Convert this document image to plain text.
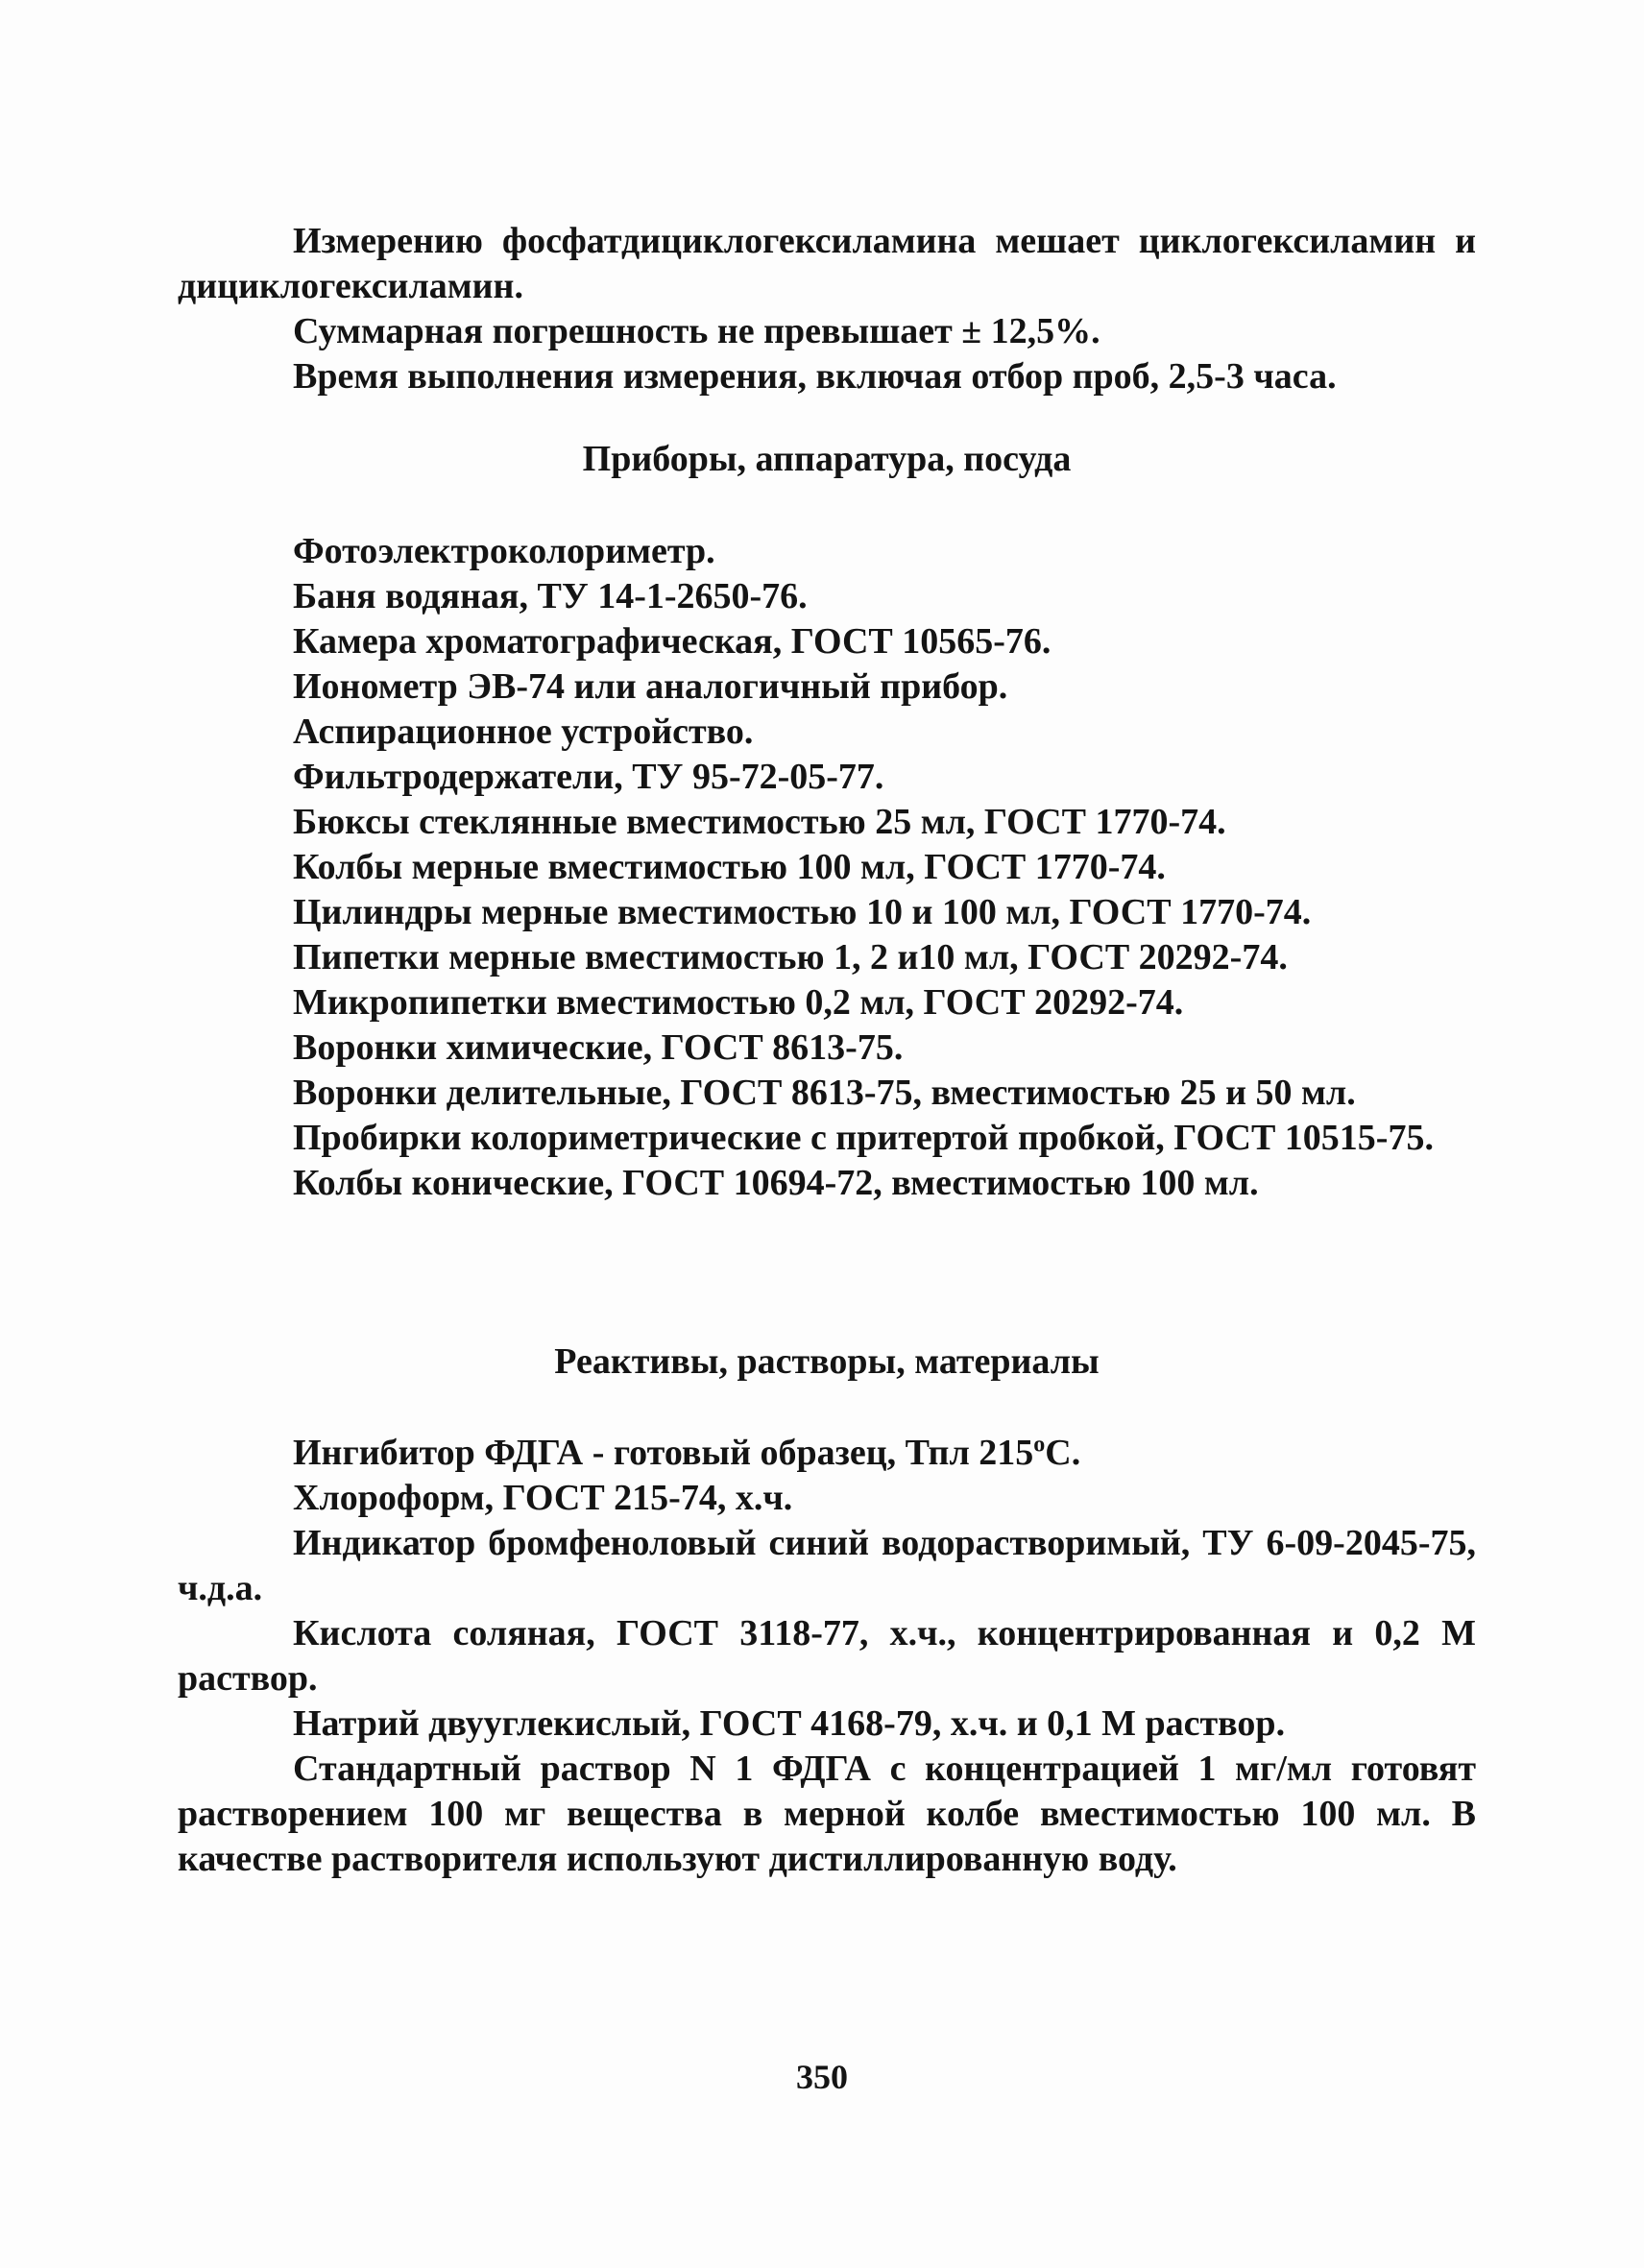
Измерению фосфатдициклогексиламина мешает циклогексиламин и дициклогексиламин.

Суммарная погрешность не превышает ± 12,5%.

Время выполнения измерения, включая отбор проб, 2,5-3 часа.

Приборы, аппаратура, посуда

Фотоэлектроколориметр.
Баня водяная, ТУ 14-1-2650-76.
Камера хроматографическая, ГОСТ 10565-76.
Ионометр ЭВ-74 или аналогичный прибор.
Аспирационное устройство.
Фильтродержатели, ТУ 95-72-05-77.
Бюксы стеклянные вместимостью 25 мл, ГОСТ 1770-74.
Колбы мерные вместимостью 100 мл, ГОСТ 1770-74.
Цилиндры мерные вместимостью 10 и 100 мл, ГОСТ 1770-74.
Пипетки мерные вместимостью 1, 2 и10 мл, ГОСТ 20292-74.
Микропипетки вместимостью 0,2 мл, ГОСТ 20292-74.
Воронки химические, ГОСТ 8613-75.
Воронки делительные, ГОСТ 8613-75, вместимостью 25 и 50 мл.
Пробирки колориметрические с притертой пробкой, ГОСТ 10515-75.
Колбы конические, ГОСТ 10694-72, вместимостью 100 мл.

Реактивы, растворы, материалы

Ингибитор ФДГА - готовый образец, Тпл $215^оС$.
Хлороформ, ГОСТ 215-74, х.ч.
Индикатор бромфеноловый синий водорастворимый, ТУ 6-09-2045-75, ч.д.а.
Кислота соляная, ГОСТ 3118-77, х.ч., концентрированная и 0,2 М раствор.
Натрий двууглекислый, ГОСТ 4168-79, х.ч. и 0,1 М раствор.
Стандартный раствор N 1 ФДГА с концентрацией 1 мг/мл готовят растворением 100 мг вещества в мерной колбе вместимостью 100 мл. В качестве растворителя используют дистиллированную воду.
350
